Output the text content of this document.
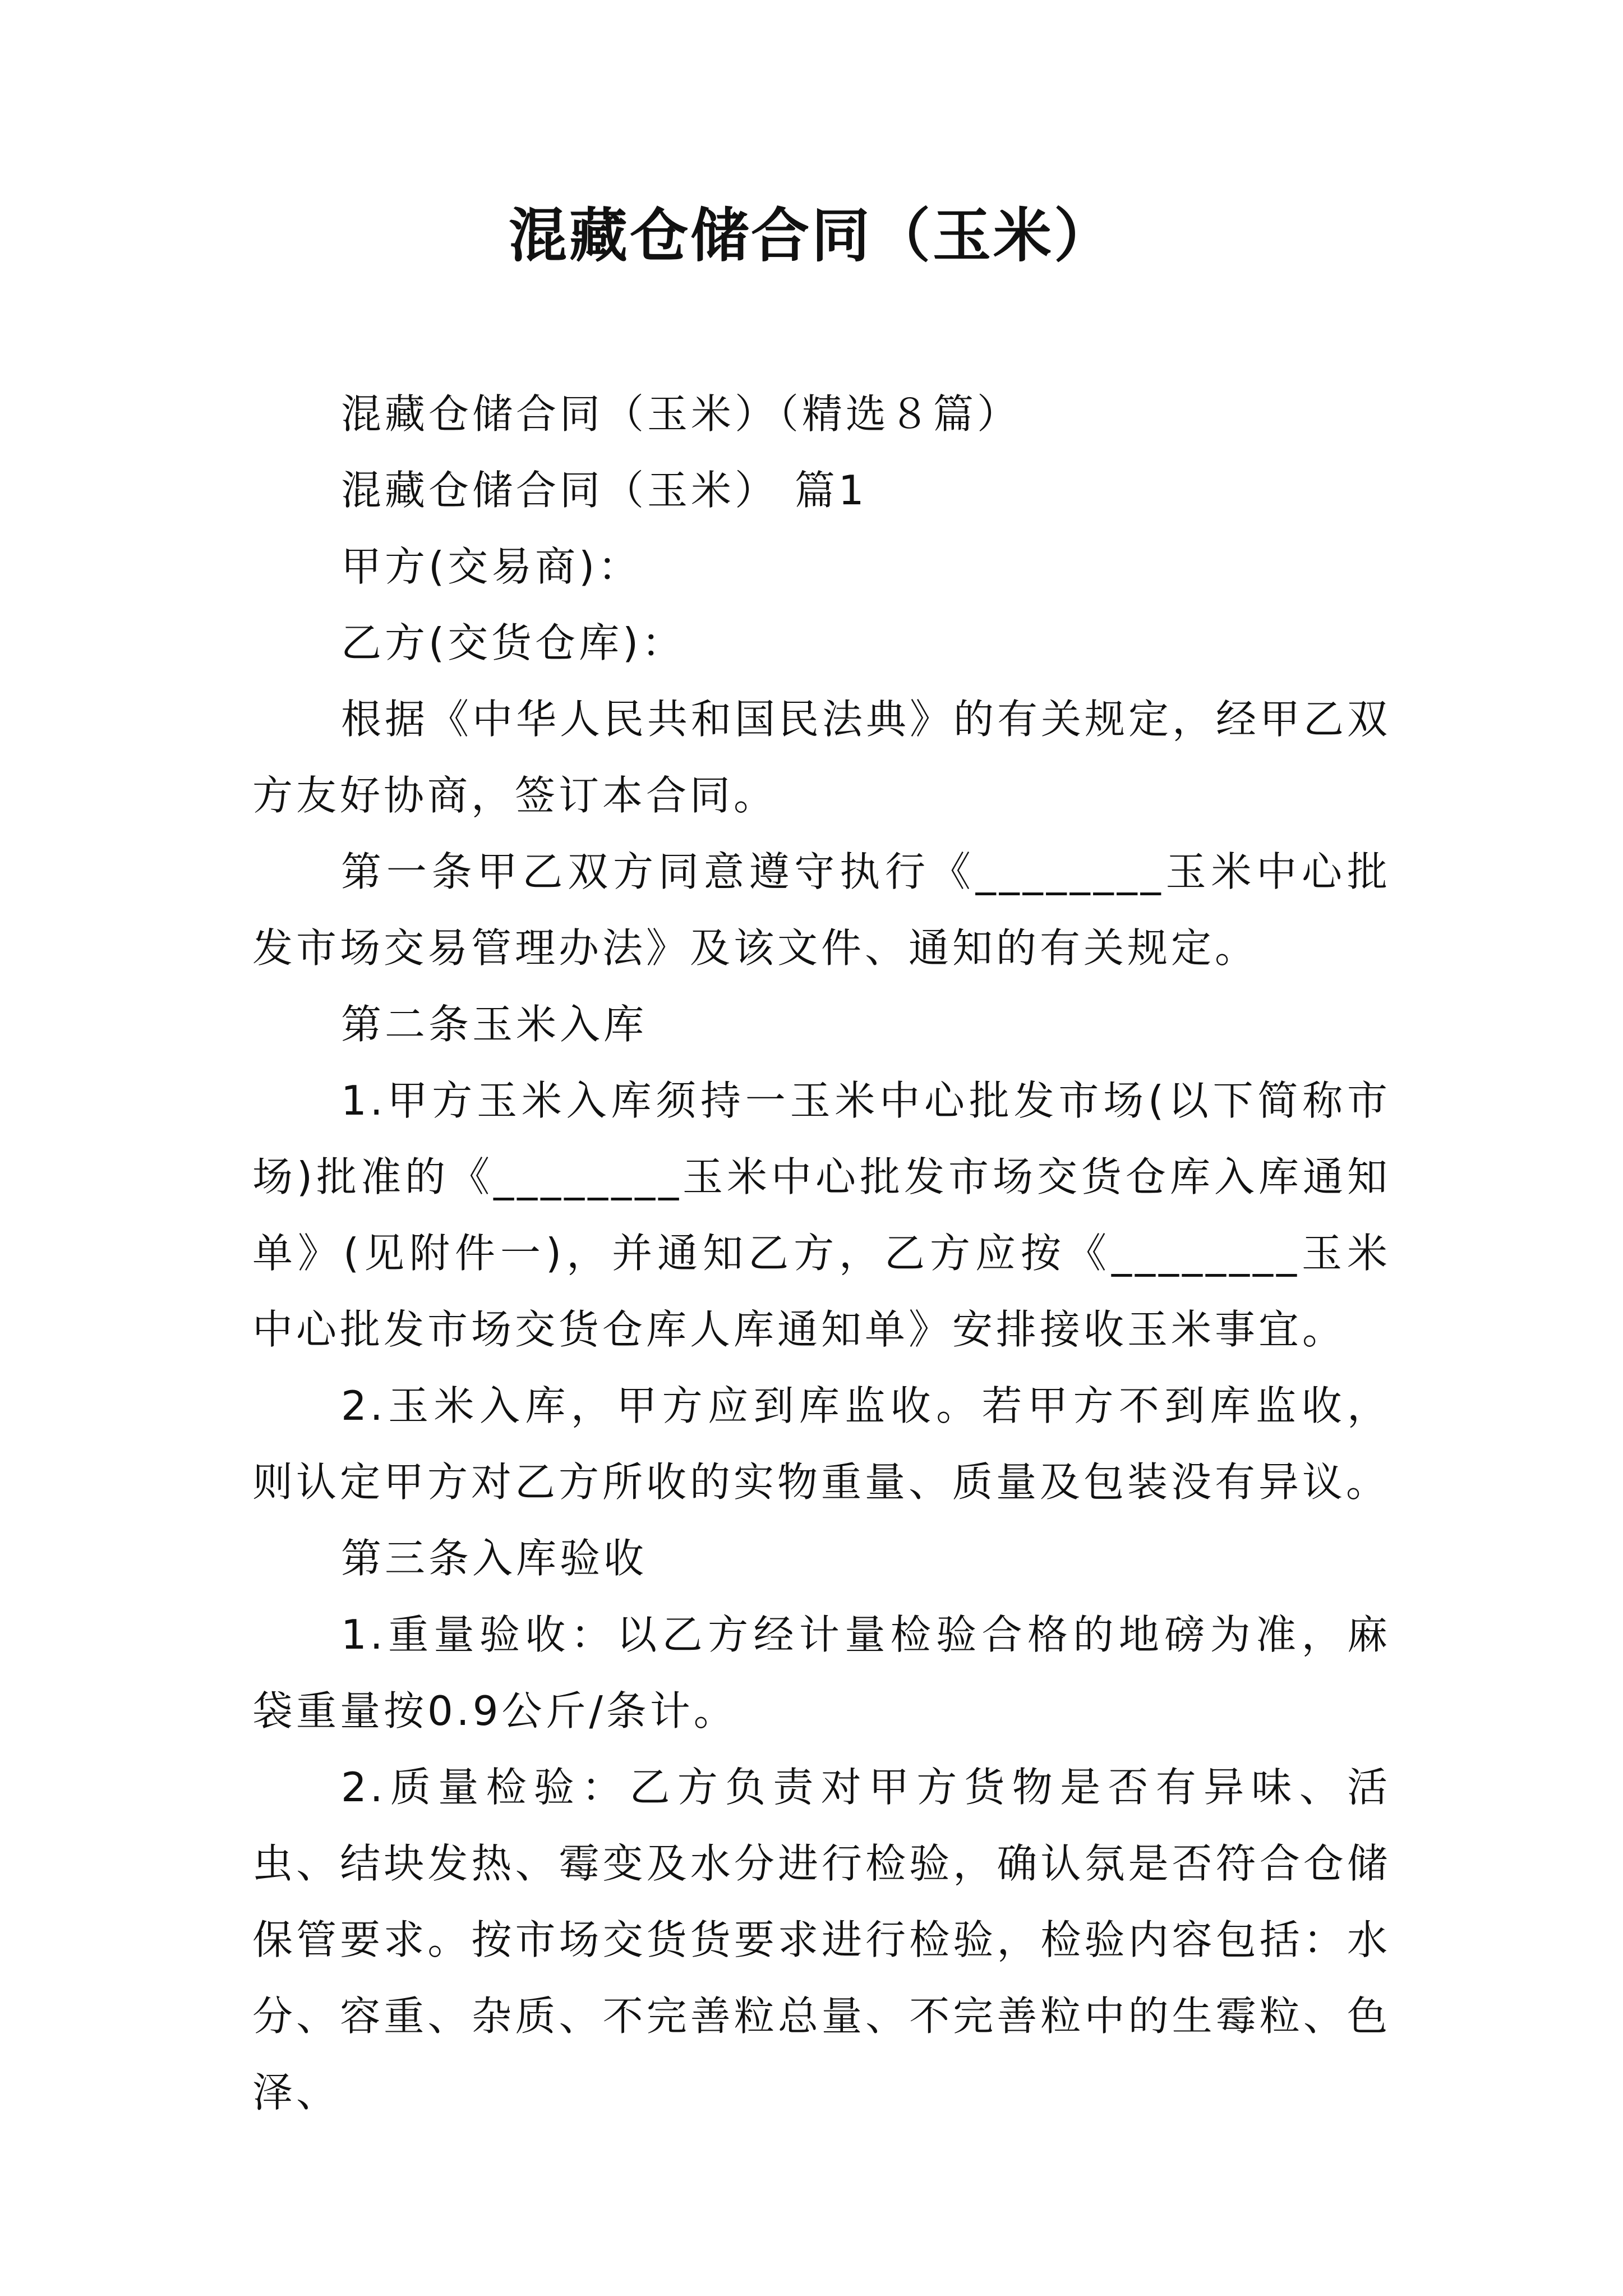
混藏仓储合同（玉米）

混藏仓储合同（玉米）（精选８篇）

混藏仓储合同（玉米） 篇1

甲方(交易商)：

乙方(交货仓库)：

根据《中华人民共和国民法典》的有关规定，经甲乙双方友好协商，签订本合同。

第一条甲乙双方同意遵守执行《________玉米中心批发市场交易管理办法》及该文件、通知的有关规定。

第二条玉米入库

1.甲方玉米入库须持一玉米中心批发市场(以下简称市场)批准的《________玉米中心批发市场交货仓库入库通知单》(见附件一)，并通知乙方，乙方应按《________玉米中心批发市场交货仓库人库通知单》安排接收玉米事宜。

2.玉米入库，甲方应到库监收。若甲方不到库监收，则认定甲方对乙方所收的实物重量、质量及包装没有异议。

第三条入库验收

1.重量验收：以乙方经计量检验合格的地磅为准，麻袋重量按0.9公斤/条计。

2.质量检验：乙方负责对甲方货物是否有异味、活虫、结块发热、霉变及水分进行检验，确认氛是否符合仓储保管要求。按市场交货货要求进行检验，检验内容包括：水分、容重、杂质、不完善粒总量、不完善粒中的生霉粒、色泽、
